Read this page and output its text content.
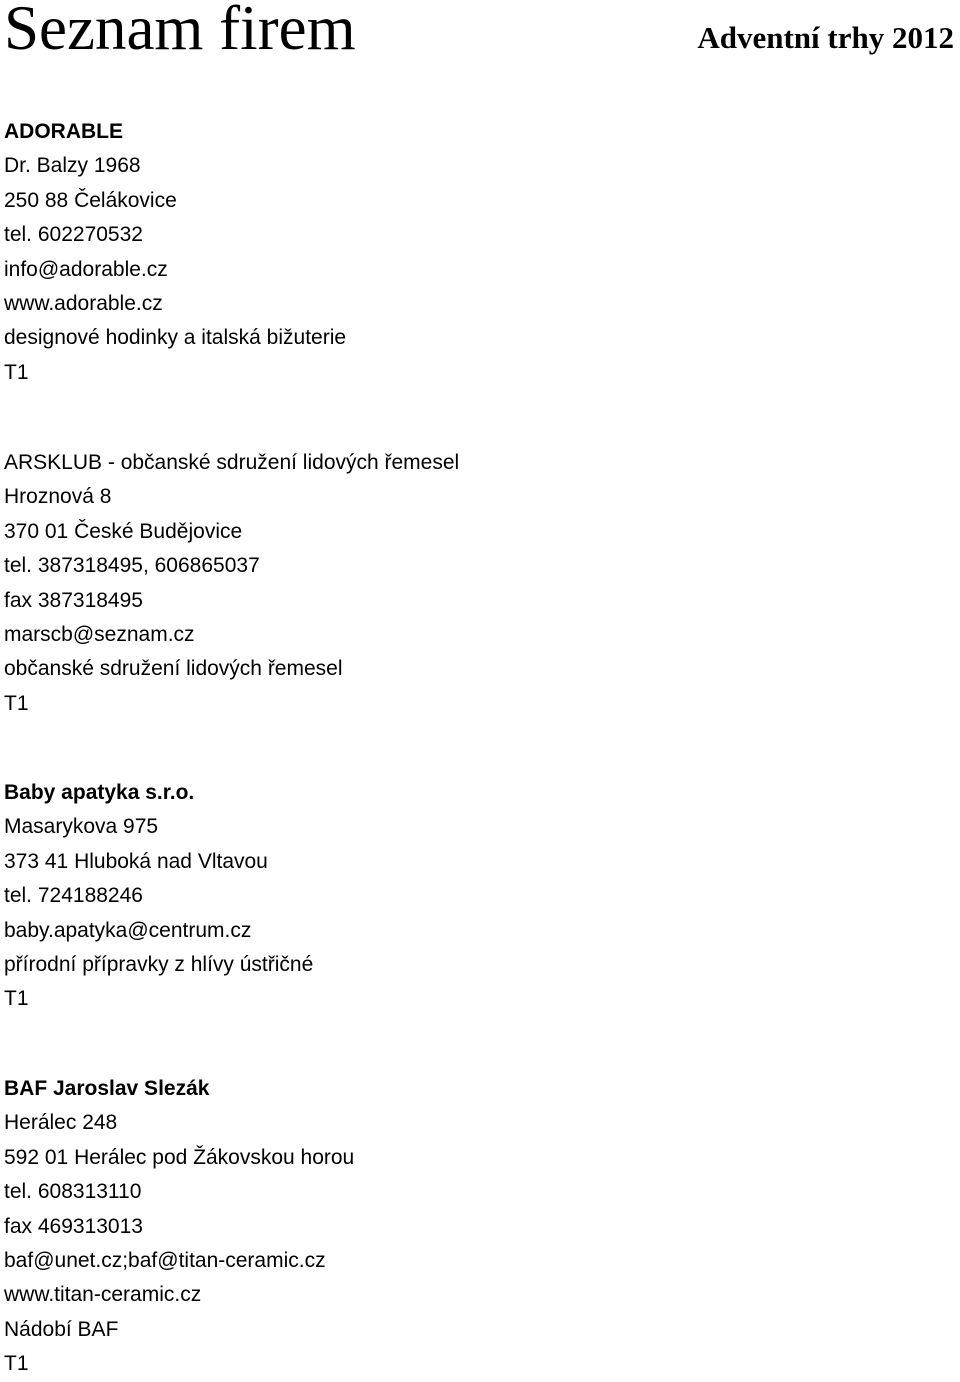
Seznam firem	Adventní trhy 2012
ADORABLE
Dr. Balzy 1968
250 88 Čelákovice
tel. 602270532
info@adorable.cz
www.adorable.cz
designové hodinky a italská bižuterie
T1
ARSKLUB - občanské sdružení lidových řemesel
Hroznová 8
370 01 České Budějovice
tel. 387318495, 606865037
fax 387318495
marscb@seznam.cz
občanské sdružení lidových řemesel
T1
Baby apatyka s.r.o.
Masarykova 975
373 41 Hluboká nad Vltavou
tel. 724188246
baby.apatyka@centrum.cz
přírodní přípravky z hlívy ústřičné
T1
BAF Jaroslav Slezák
Herálec 248
592 01 Herálec pod Žákovskou horou
tel. 608313110
fax 469313013
baf@unet.cz;baf@titan-ceramic.cz
www.titan-ceramic.cz
Nádobí BAF
T1
